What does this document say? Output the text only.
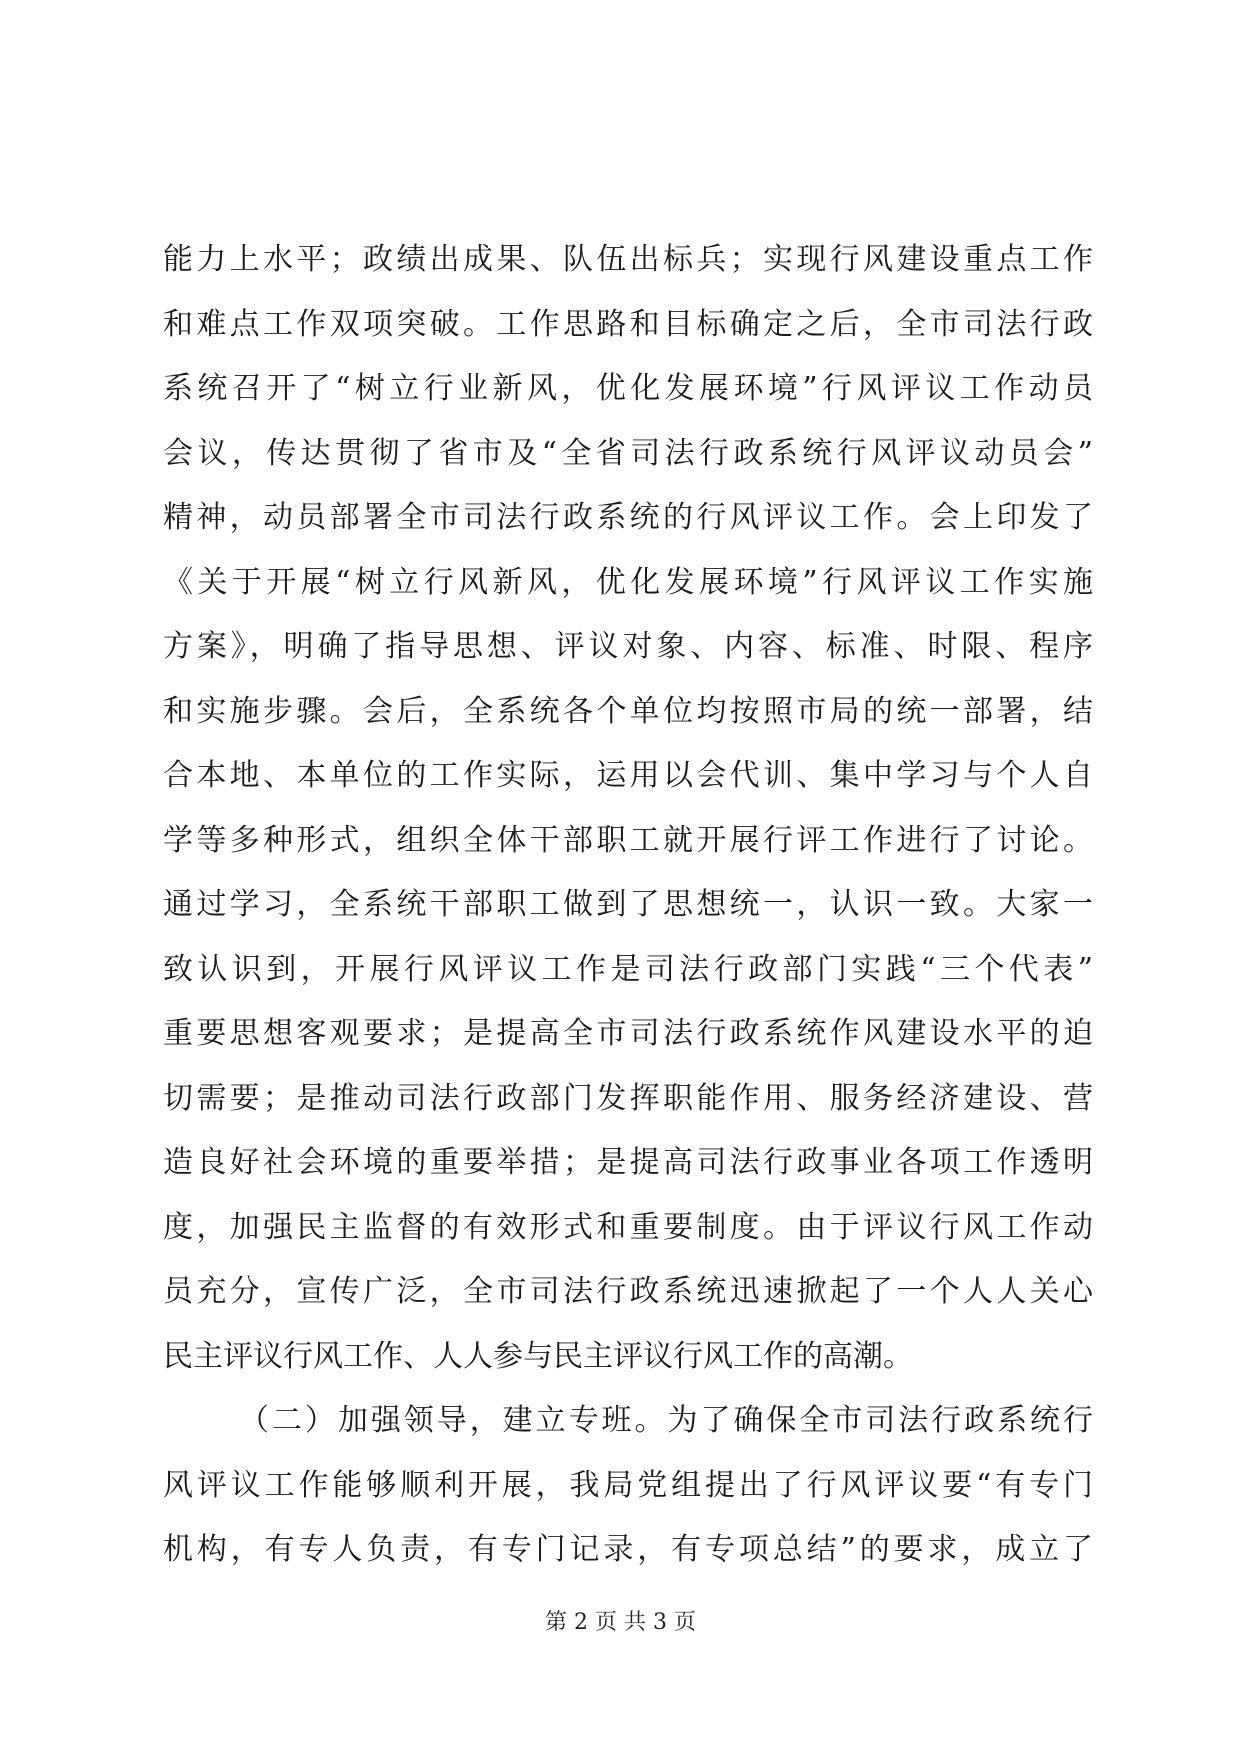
能力上水平；政绩出成果、队伍出标兵；实现行风建设重点工作
和难点工作双项突破。工作思路和目标确定之后，全市司法行政
系统召开了“树立行业新风，优化发展环境”行风评议工作动员
会议，传达贯彻了省市及“全省司法行政系统行风评议动员会”
精神，动员部署全市司法行政系统的行风评议工作。会上印发了
《关于开展“树立行风新风，优化发展环境”行风评议工作实施
方案》，明确了指导思想、评议对象、内容、标准、时限、程序
和实施步骤。会后，全系统各个单位均按照市局的统一部署，结
合本地、本单位的工作实际，运用以会代训、集中学习与个人自
学等多种形式，组织全体干部职工就开展行评工作进行了讨论。
通过学习，全系统干部职工做到了思想统一，认识一致。大家一
致认识到，开展行风评议工作是司法行政部门实践“三个代表”
重要思想客观要求；是提高全市司法行政系统作风建设水平的迫
切需要；是推动司法行政部门发挥职能作用、服务经济建设、营
造良好社会环境的重要举措；是提高司法行政事业各项工作透明
度，加强民主监督的有效形式和重要制度。由于评议行风工作动
员充分，宣传广泛，全市司法行政系统迅速掀起了一个人人关心
民主评议行风工作、人人参与民主评议行风工作的高潮。
（二）加强领导，建立专班。为了确保全市司法行政系统行
风评议工作能够顺利开展，我局党组提出了行风评议要“有专门
机构，有专人负责，有专门记录，有专项总结”的要求，成立了
第 2 页 共 3 页
